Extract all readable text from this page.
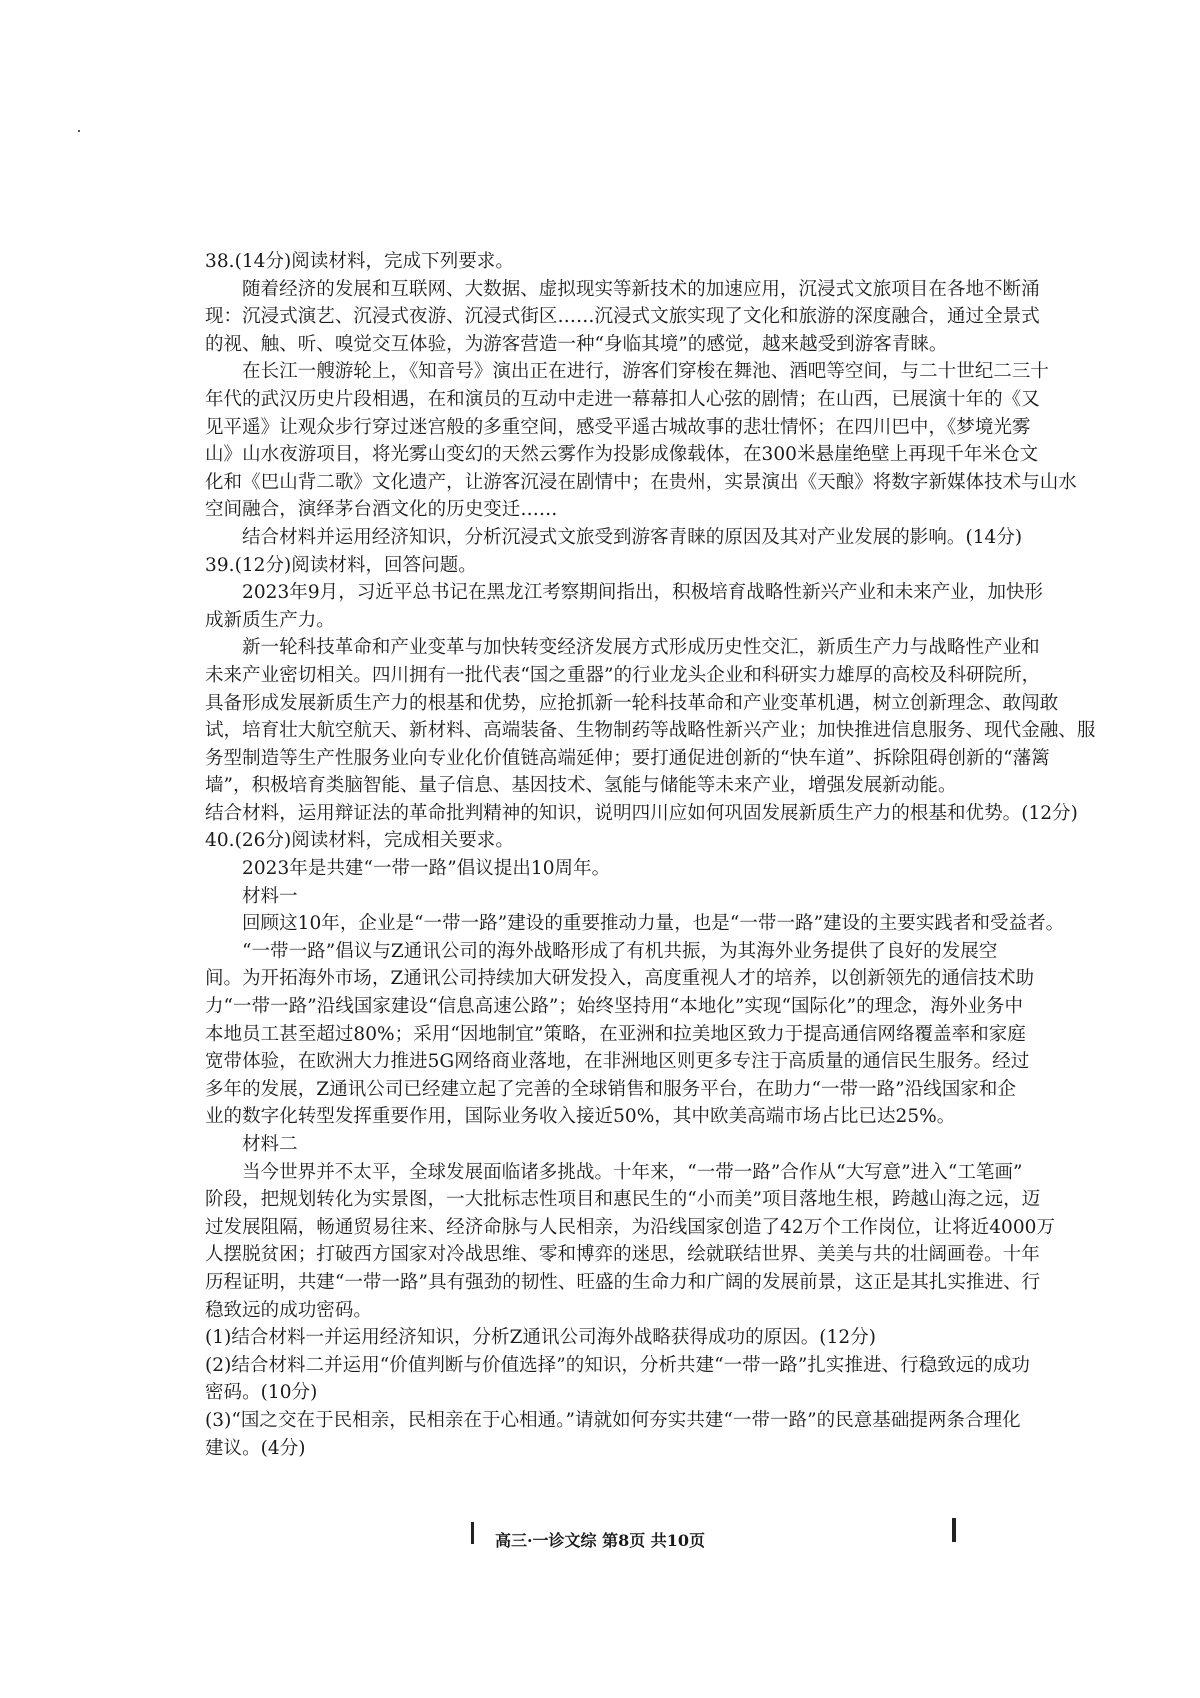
38.(14分)阅读材料，完成下列要求。
随着经济的发展和互联网、大数据、虚拟现实等新技术的加速应用，沉浸式文旅项目在各地不断涌
现：沉浸式演艺、沉浸式夜游、沉浸式街区……沉浸式文旅实现了文化和旅游的深度融合，通过全景式
的视、触、听、嗅觉交互体验，为游客营造一种“身临其境”的感觉，越来越受到游客青睐。
在长江一艘游轮上，《知音号》演出正在进行，游客们穿梭在舞池、酒吧等空间，与二十世纪二三十
年代的武汉历史片段相遇，在和演员的互动中走进一幕幕扣人心弦的剧情；在山西，已展演十年的《又
见平遥》让观众步行穿过迷宫般的多重空间，感受平遥古城故事的悲壮情怀；在四川巴中，《梦境光雾
山》山水夜游项目，将光雾山变幻的天然云雾作为投影成像载体，在300米悬崖绝壁上再现千年米仓文
化和《巴山背二歌》文化遗产，让游客沉浸在剧情中；在贵州，实景演出《天酿》将数字新媒体技术与山水
空间融合，演绎茅台酒文化的历史变迁……
结合材料并运用经济知识，分析沉浸式文旅受到游客青睐的原因及其对产业发展的影响。(14分)
39.(12分)阅读材料，回答问题。
2023年9月，习近平总书记在黑龙江考察期间指出，积极培育战略性新兴产业和未来产业，加快形
成新质生产力。
新一轮科技革命和产业变革与加快转变经济发展方式形成历史性交汇，新质生产力与战略性产业和
未来产业密切相关。四川拥有一批代表“国之重器”的行业龙头企业和科研实力雄厚的高校及科研院所，
具备形成发展新质生产力的根基和优势，应抢抓新一轮科技革命和产业变革机遇，树立创新理念、敢闯敢
试，培育壮大航空航天、新材料、高端装备、生物制药等战略性新兴产业；加快推进信息服务、现代金融、服
务型制造等生产性服务业向专业化价值链高端延伸；要打通促进创新的“快车道”、拆除阻碍创新的“藩篱
墙”，积极培育类脑智能、量子信息、基因技术、氢能与储能等未来产业，增强发展新动能。
结合材料，运用辩证法的革命批判精神的知识，说明四川应如何巩固发展新质生产力的根基和优势。(12分)
40.(26分)阅读材料，完成相关要求。
2023年是共建“一带一路”倡议提出10周年。
材料一
回顾这10年，企业是“一带一路”建设的重要推动力量，也是“一带一路”建设的主要实践者和受益者。
“一带一路”倡议与Z通讯公司的海外战略形成了有机共振，为其海外业务提供了良好的发展空
间。为开拓海外市场，Z通讯公司持续加大研发投入，高度重视人才的培养，以创新领先的通信技术助
力“一带一路”沿线国家建设“信息高速公路”；始终坚持用“本地化”实现“国际化”的理念，海外业务中
本地员工甚至超过80%；采用“因地制宜”策略，在亚洲和拉美地区致力于提高通信网络覆盖率和家庭
宽带体验，在欧洲大力推进5G网络商业落地，在非洲地区则更多专注于高质量的通信民生服务。经过
多年的发展，Z通讯公司已经建立起了完善的全球销售和服务平台，在助力“一带一路”沿线国家和企
业的数字化转型发挥重要作用，国际业务收入接近50%，其中欧美高端市场占比已达25%。
材料二
当今世界并不太平，全球发展面临诸多挑战。十年来，“一带一路”合作从“大写意”进入“工笔画”
阶段，把规划转化为实景图，一大批标志性项目和惠民生的“小而美”项目落地生根，跨越山海之远，迈
过发展阻隔，畅通贸易往来、经济命脉与人民相亲，为沿线国家创造了42万个工作岗位，让将近4000万
人摆脱贫困；打破西方国家对冷战思维、零和博弈的迷思，绘就联结世界、美美与共的壮阔画卷。十年
历程证明，共建“一带一路”具有强劲的韧性、旺盛的生命力和广阔的发展前景，这正是其扎实推进、行
稳致远的成功密码。
(1)结合材料一并运用经济知识，分析Z通讯公司海外战略获得成功的原因。(12分)
(2)结合材料二并运用“价值判断与价值选择”的知识，分析共建“一带一路”扎实推进、行稳致远的成功
密码。(10分)
(3)“国之交在于民相亲，民相亲在于心相通。”请就如何夯实共建“一带一路”的民意基础提两条合理化
建议。(4分)
高三·一诊文综 第8页 共10页
